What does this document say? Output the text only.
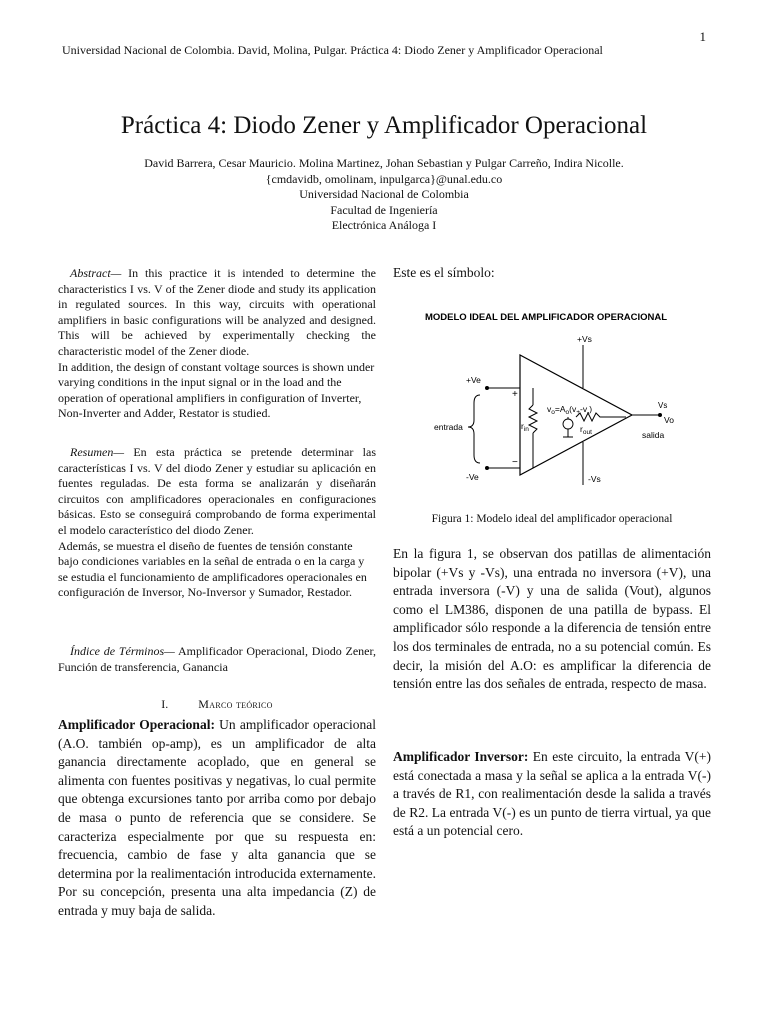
1
Universidad Nacional de Colombia. David, Molina, Pulgar. Práctica 4: Diodo Zener y Amplificador Operacional
Práctica 4: Diodo Zener y Amplificador Operacional
David Barrera, Cesar Mauricio. Molina Martinez, Johan Sebastian y Pulgar Carreño, Indira Nicolle.
{cmdavidb, omolinam, inpulgarca}@unal.edu.co
Universidad Nacional de Colombia
Facultad de Ingeniería
Electrónica Análoga I

Abstract— In this practice it is intended to determine the characteristics I vs. V of the Zener diode and study its application in regulated sources. In this way, circuits with operational amplifiers in basic configurations will be analyzed and designed. This will be achieved by experimentally checking the characteristic model of the Zener diode.

In addition, the design of constant voltage sources is shown under varying conditions in the input signal or in the load and the operation of operational amplifiers in configuration of Inverter, Non-Inverter and Adder, Restator is studied.

Resumen— En esta práctica se pretende determinar las características I vs. V del diodo Zener y estudiar su aplicación en fuentes reguladas. De esta forma se analizarán y diseñarán circuitos con amplificadores operacionales en configuraciones básicas. Esto se conseguirá comprobando de forma experimental el modelo característico del diodo Zener.

Además, se muestra el diseño de fuentes de tensión constante bajo condiciones variables en la señal de entrada o en la carga y se estudia el funcionamiento de amplificadores operacionales en configuración de Inversor, No-Inversor y Sumador, Restador.

Índice de Términos— Amplificador Operacional, Diodo Zener, Función de transferencia, Ganancia

I.	Marco teórico

Amplificador Operacional: Un amplificador operacional (A.O. también op-amp), es un amplificador de alta ganancia directamente acoplado, que en general se alimenta con fuentes positivas y negativas, lo cual permite que obtenga excursiones tanto por arriba como por debajo de masa o punto de referencia que se considere. Se caracteriza especialmente por que su respuesta en: frecuencia, cambio de fase y alta ganancia que se determina por la realimentación introducida externamente. Por su concepción, presenta una alta impedancia (Z) de entrada y muy baja de salida.

Este es el símbolo:
MODELO IDEAL DEL AMPLIFICADOR OPERACIONAL
+Vs
-Vs
+Ve
-Ve
+
−
entrada	$r_{in}$
$v_o=A_o(v_+-v_-)$
$r_{out}$
Vs
Vo
salida
Figura 1: Modelo ideal del amplificador operacional
En la figura 1, se observan dos patillas de alimentación bipolar (+Vs y -Vs), una entrada no inversora (+V), una entrada inversora (-V) y una de salida (Vout), algunos como el LM386, disponen de una patilla de bypass. El amplificador sólo responde a la diferencia de tensión entre los dos terminales de entrada, no a su potencial común. Es decir, la misión del A.O: es amplificar la diferencia de tensión entre las dos señales de entrada, respecto de masa.

Amplificador Inversor: En este circuito, la entrada V(+) está conectada a masa y la señal se aplica a la entrada V(-) a través de R1, con realimentación desde la salida a través de R2. La entrada V(-) es un punto de tierra virtual, ya que está a un potencial cero.
